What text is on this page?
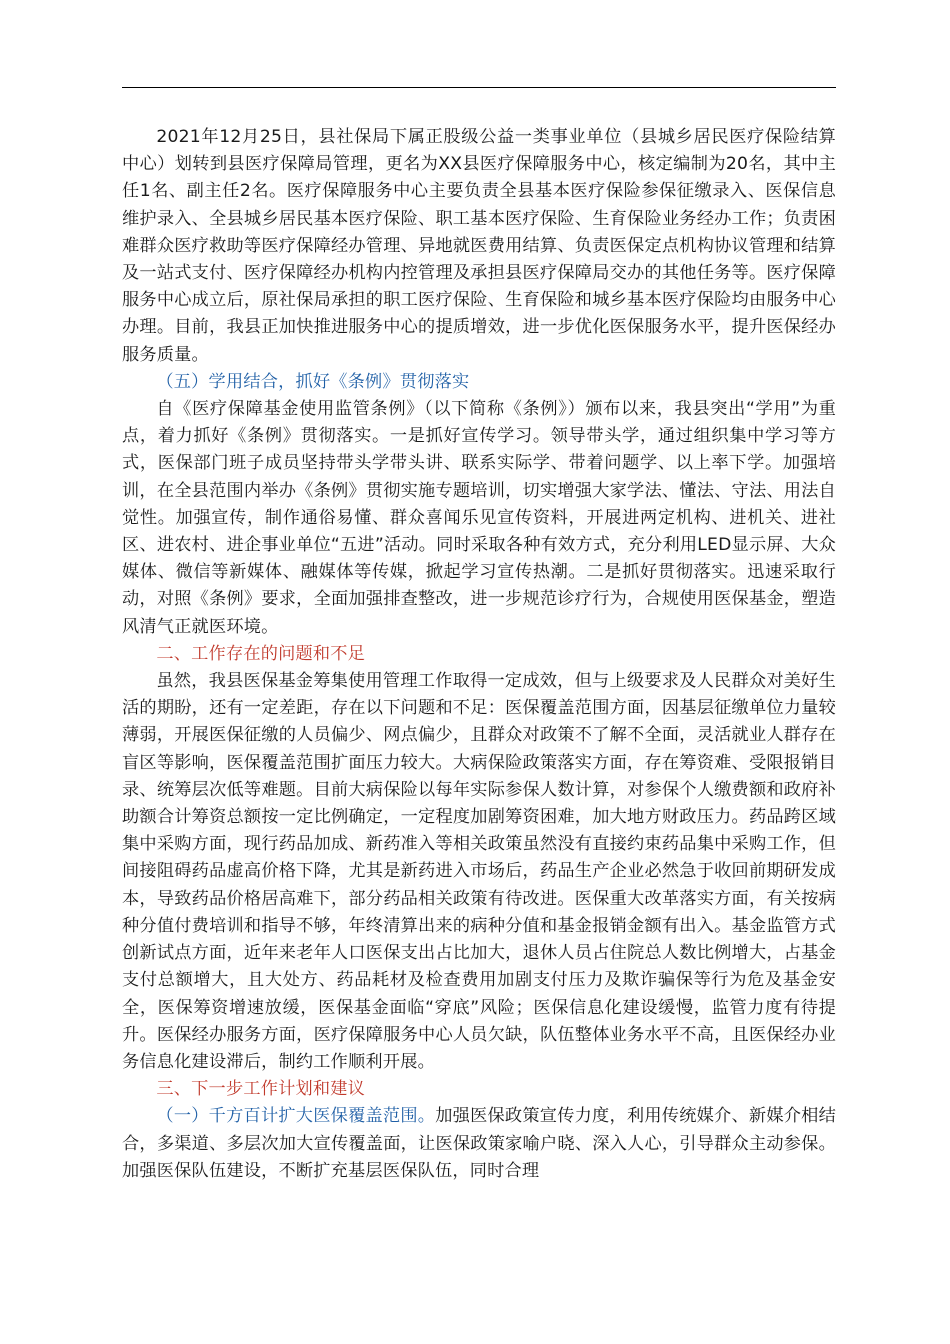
2021年12月25日，县社保局下属正股级公益一类事业单位（县城乡居民医疗保险结算中心）划转到县医疗保障局管理，更名为XX县医疗保障服务中心，核定编制为20名，其中主任1名、副主任2名。医疗保障服务中心主要负责全县基本医疗保险参保征缴录入、医保信息维护录入、全县城乡居民基本医疗保险、职工基本医疗保险、生育保险业务经办工作；负责困难群众医疗救助等医疗保障经办管理、异地就医费用结算、负责医保定点机构协议管理和结算及一站式支付、医疗保障经办机构内控管理及承担县医疗保障局交办的其他任务等。医疗保障服务中心成立后，原社保局承担的职工医疗保险、生育保险和城乡基本医疗保险均由服务中心办理。目前，我县正加快推进服务中心的提质增效，进一步优化医保服务水平，提升医保经办服务质量。

（五）学用结合，抓好《条例》贯彻落实

自《医疗保障基金使用监管条例》（以下简称《条例》）颁布以来，我县突出“学用”为重点，着力抓好《条例》贯彻落实。一是抓好宣传学习。领导带头学，通过组织集中学习等方式，医保部门班子成员坚持带头学带头讲、联系实际学、带着问题学、以上率下学。加强培训，在全县范围内举办《条例》贯彻实施专题培训，切实增强大家学法、懂法、守法、用法自觉性。加强宣传，制作通俗易懂、群众喜闻乐见宣传资料，开展进两定机构、进机关、进社区、进农村、进企事业单位“五进”活动。同时采取各种有效方式，充分利用LED显示屏、大众媒体、微信等新媒体、融媒体等传媒，掀起学习宣传热潮。二是抓好贯彻落实。迅速采取行动，对照《条例》要求，全面加强排查整改，进一步规范诊疗行为，合规使用医保基金，塑造风清气正就医环境。

二、工作存在的问题和不足

虽然，我县医保基金筹集使用管理工作取得一定成效，但与上级要求及人民群众对美好生活的期盼，还有一定差距，存在以下问题和不足：医保覆盖范围方面，因基层征缴单位力量较薄弱，开展医保征缴的人员偏少、网点偏少，且群众对政策不了解不全面，灵活就业人群存在盲区等影响，医保覆盖范围扩面压力较大。大病保险政策落实方面，存在筹资难、受限报销目录、统筹层次低等难题。目前大病保险以每年实际参保人数计算，对参保个人缴费额和政府补助额合计筹资总额按一定比例确定，一定程度加剧筹资困难，加大地方财政压力。药品跨区域集中采购方面，现行药品加成、新药准入等相关政策虽然没有直接约束药品集中采购工作，但间接阻碍药品虚高价格下降，尤其是新药进入市场后，药品生产企业必然急于收回前期研发成本，导致药品价格居高难下，部分药品相关政策有待改进。医保重大改革落实方面，有关按病种分值付费培训和指导不够，年终清算出来的病种分值和基金报销金额有出入。基金监管方式创新试点方面，近年来老年人口医保支出占比加大，退休人员占住院总人数比例增大，占基金支付总额增大，且大处方、药品耗材及检查费用加剧支付压力及欺诈骗保等行为危及基金安全，医保筹资增速放缓，医保基金面临“穿底”风险；医保信息化建设缓慢，监管力度有待提升。医保经办服务方面，医疗保障服务中心人员欠缺，队伍整体业务水平不高，且医保经办业务信息化建设滞后，制约工作顺利开展。

三、下一步工作计划和建议

（一）千方百计扩大医保覆盖范围。加强医保政策宣传力度，利用传统媒介、新媒介相结合，多渠道、多层次加大宣传覆盖面，让医保政策家喻户晓、深入人心，引导群众主动参保。加强医保队伍建设，不断扩充基层医保队伍，同时合理
